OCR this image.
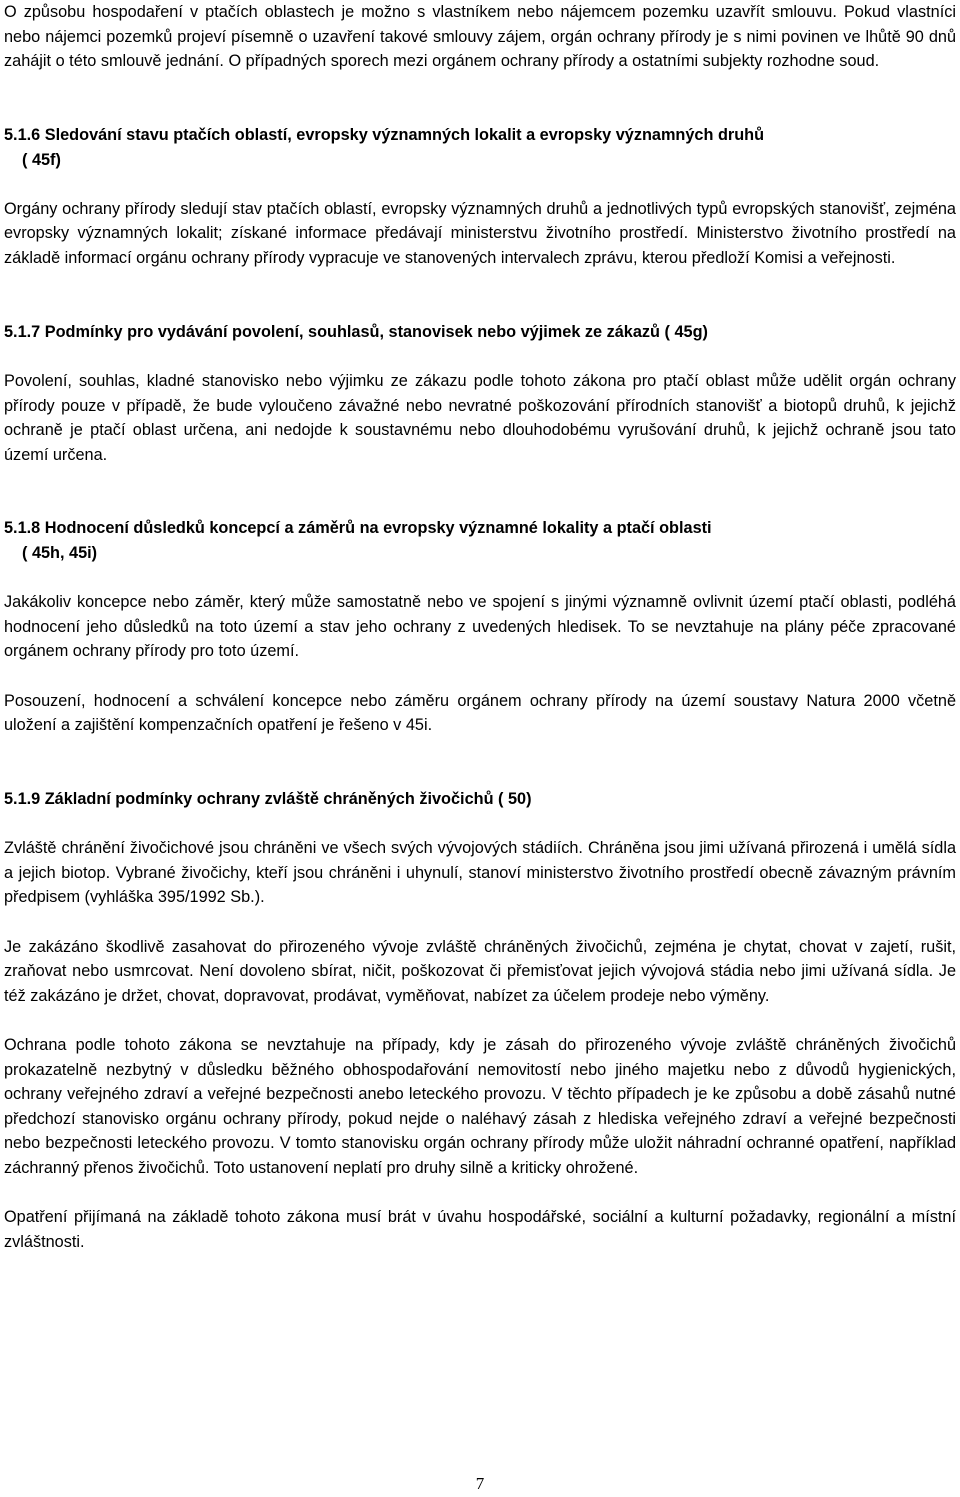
O způsobu hospodaření v ptačích oblastech je možno s vlastníkem nebo nájemcem pozemku uzavřít smlouvu. Pokud vlastníci nebo nájemci pozemků projeví písemně o uzavření takové smlouvy zájem, orgán ochrany přírody je s nimi povinen ve lhůtě 90 dnů zahájit o této smlouvě jednání. O případných sporech mezi orgánem ochrany přírody a ostatními subjekty rozhodne soud.

5.1.6 Sledování stavu ptačích oblastí, evropsky významných lokalit a evropsky významných druhů
( 45f)

Orgány ochrany přírody sledují stav ptačích oblastí, evropsky významných druhů a jednotlivých typů evropských stanovišť, zejména evropsky významných lokalit; získané informace předávají ministerstvu životního prostředí. Ministerstvo životního prostředí na základě informací orgánu ochrany přírody vypracuje ve stanovených intervalech zprávu, kterou předloží Komisi a veřejnosti.

5.1.7 Podmínky pro vydávání povolení, souhlasů, stanovisek nebo výjimek ze zákazů ( 45g)

Povolení, souhlas, kladné stanovisko nebo výjimku ze zákazu podle tohoto zákona pro ptačí oblast může udělit orgán ochrany přírody pouze v případě, že bude vyloučeno závažné nebo nevratné poškozování přírodních stanovišť a biotopů druhů, k jejichž ochraně je ptačí oblast určena, ani nedojde k soustavnému nebo dlouhodobému vyrušování druhů, k jejichž ochraně jsou tato území určena.

5.1.8 Hodnocení důsledků koncepcí a záměrů na evropsky významné lokality a ptačí oblasti
( 45h, 45i)

Jakákoliv koncepce nebo záměr, který může samostatně nebo ve spojení s jinými významně ovlivnit území ptačí oblasti, podléhá hodnocení jeho důsledků na toto území a stav jeho ochrany z uvedených hledisek. To se nevztahuje na plány péče zpracované orgánem ochrany přírody pro toto území.

Posouzení, hodnocení a schválení koncepce nebo záměru orgánem ochrany přírody na území soustavy Natura 2000 včetně uložení a zajištění kompenzačních opatření je řešeno v 45i.

5.1.9 Základní podmínky ochrany zvláště chráněných živočichů ( 50)

Zvláště chránění živočichové jsou chráněni ve všech svých vývojových stádiích. Chráněna jsou jimi užívaná přirozená i umělá sídla a jejich biotop. Vybrané živočichy, kteří jsou chráněni i uhynulí, stanoví ministerstvo životního prostředí obecně závazným právním předpisem (vyhláška 395/1992 Sb.).

Je zakázáno škodlivě zasahovat do přirozeného vývoje zvláště chráněných živočichů, zejména je chytat, chovat v zajetí, rušit, zraňovat nebo usmrcovat. Není dovoleno sbírat, ničit, poškozovat či přemisťovat jejich vývojová stádia nebo jimi užívaná sídla. Je též zakázáno je držet, chovat, dopravovat, prodávat, vyměňovat, nabízet za účelem prodeje nebo výměny.

Ochrana podle tohoto zákona se nevztahuje na případy, kdy je zásah do přirozeného vývoje zvláště chráněných živočichů prokazatelně nezbytný v důsledku běžného obhospodařování nemovitostí nebo jiného majetku nebo z důvodů hygienických, ochrany veřejného zdraví a veřejné bezpečnosti anebo leteckého provozu. V těchto případech je ke způsobu a době zásahů nutné předchozí stanovisko orgánu ochrany přírody, pokud nejde o naléhavý zásah z hlediska veřejného zdraví a veřejné bezpečnosti nebo bezpečnosti leteckého provozu. V tomto stanovisku orgán ochrany přírody může uložit náhradní ochranné opatření, například záchranný přenos živočichů. Toto ustanovení neplatí pro druhy silně a kriticky ohrožené.

Opatření přijímaná na základě tohoto zákona musí brát v úvahu hospodářské, sociální a kulturní požadavky, regionální a místní zvláštnosti.

7
